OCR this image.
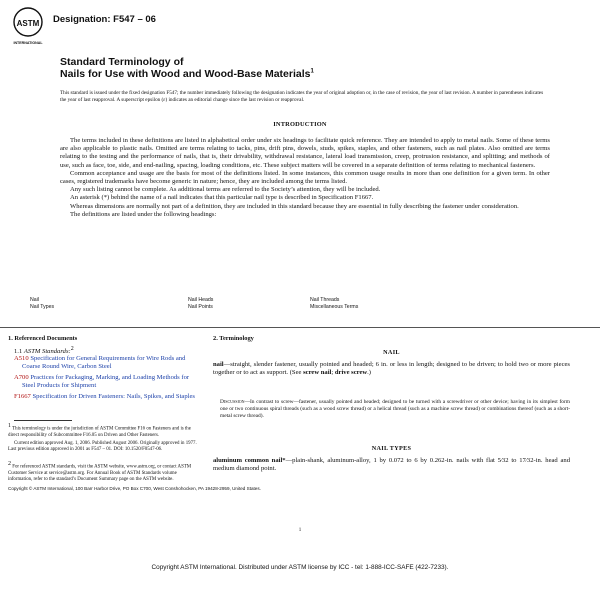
ASTM
INTERNATIONAL
Designation: F547 – 06
Standard Terminology of
Nails for Use with Wood and Wood-Base Materials$^1$
This standard is issued under the fixed designation F547; the number immediately following the designation indicates the year of original adoption or, in the case of revision, the year of last revision. A number in parentheses indicates the year of last reapproval. A superscript epsilon (ε) indicates an editorial change since the last revision or reapproval.
INTRODUCTION

The terms included in these definitions are listed in alphabetical order under six headings to facilitate quick reference. They are intended to apply to metal nails. Some of these terms are also applicable to plastic nails. Omitted are terms relating to tacks, pins, drift pins, dowels, studs, spikes, staples, and other fasteners, such as nail plates. Also omitted are terms relating to the testing and the performance of nails, that is, their drivability, withdrawal resistance, lateral load transmission, creep, protrusion resistance, and splitting; and methods of use, such as face, toe, side, and end-nailing, spacing, loading conditions, etc. These subject matters will be covered in a separate definition of terms relating to mechanical fasteners.

Common acceptance and usage are the basis for most of the definitions listed. In some instances, this common usage results in more than one definition for a given term. In other cases, registered trademarks have become generic in nature; hence, they are included among the terms listed.

Any such listing cannot be complete. As additional terms are referred to the Society’s attention, they will be included.

An asterisk (*) behind the name of a nail indicates that this particular nail type is described in Specification F1667.

Whereas dimensions are normally not part of a definition, they are included in this standard because they are essential in fully describing the fastener under consideration.

The definitions are listed under the following headings:

Nail
Nail Types
Nail Heads
Nail Points
Nail Threads
Miscellaneous Terms
1. Referenced Documents
1.1 ASTM Standards:2
A510 Specification for General Requirements for Wire Rods and Coarse Round Wire, Carbon Steel
A700 Practices for Packaging, Marking, and Loading Methods for Steel Products for Shipment
F1667 Specification for Driven Fasteners: Nails, Spikes, and Staples
1 This terminology is under the jurisdiction of ASTM Committee F16 on Fasteners and is the direct responsibility of Subcommittee F16.05 on Driven and Other Fasteners.
Current edition approved Aug. 1, 2006. Published August 2006. Originally approved in 1977. Last previous edition approved in 2001 as F547 – 01. DOI: 10.1520/F0547-06.
2 For referenced ASTM standards, visit the ASTM website, www.astm.org, or contact ASTM Customer Service at service@astm.org. For Annual Book of ASTM Standards volume information, refer to the standard’s Document Summary page on the ASTM website.
2. Terminology
NAIL
nail—straight, slender fastener, usually pointed and headed; 6 in. or less in length; designed to be driven; to hold two or more pieces together or to act as support. (See screw nail; drive screw.)
Discussion—In contrast to screw—fastener, usually pointed and headed; designed to be turned with a screwdriver or other device; having in its simplest form one or two continuous spiral threads (such as a wood screw thread) or a helical thread (such as a machine screw thread) or combinations thereof (such as a short-metal screw thread).
NAIL TYPES
aluminum common nail*—plain-shank, aluminum-alloy, 1 by 0.072 to 6 by 0.262-in. nails with flat 5⁄32 to 17⁄32-in. head and medium diamond point.
Copyright © ASTM International, 100 Barr Harbor Drive, PO Box C700, West Conshohocken, PA 19428-2959, United States.
1
Copyright ASTM International. Distributed under ASTM license by ICC - tel: 1-888-ICC-SAFE (422-7233).
